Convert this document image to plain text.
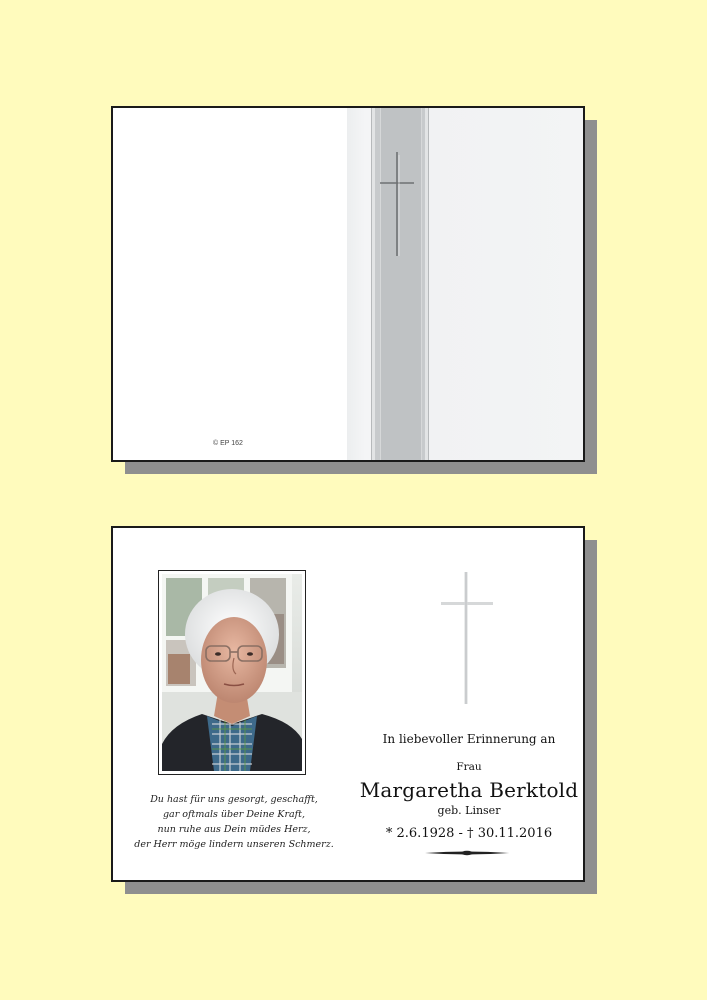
© EP 162
Du hast für uns gesorgt, geschafft,
gar oftmals über Deine Kraft,
nun ruhe aus Dein müdes Herz,
der Herr möge lindern unseren Schmerz.
In liebevoller Erinnerung an
Frau
Margaretha Berktold
geb. Linser
* 2.6.1928 - † 30.11.2016
